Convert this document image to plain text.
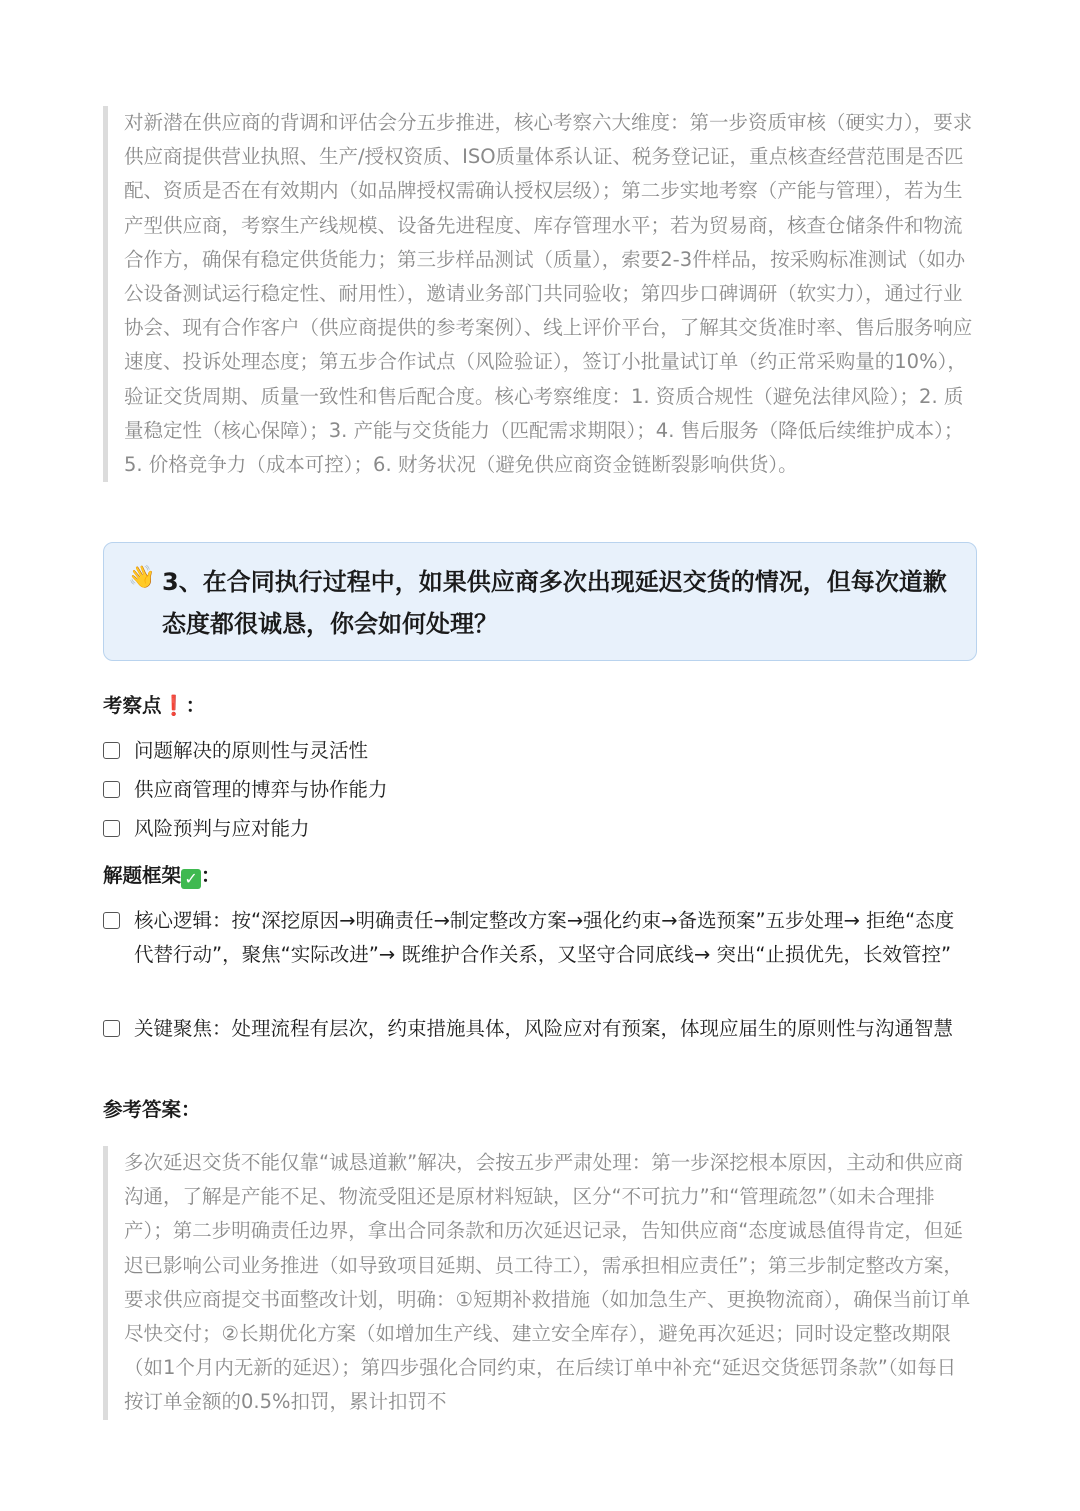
对新潜在供应商的背调和评估会分五步推进，核心考察六大维度：第一步资质审核（硬实力），要求供应商提供营业执照、生产/授权资质、ISO质量体系认证、税务登记证，重点核查经营范围是否匹配、资质是否在有效期内（如品牌授权需确认授权层级）；第二步实地考察（产能与管理），若为生产型供应商，考察生产线规模、设备先进程度、库存管理水平；若为贸易商，核查仓储条件和物流合作方，确保有稳定供货能力；第三步样品测试（质量），索要2-3件样品，按采购标准测试（如办公设备测试运行稳定性、耐用性），邀请业务部门共同验收；第四步口碑调研（软实力），通过行业协会、现有合作客户（供应商提供的参考案例）、线上评价平台，了解其交货准时率、售后服务响应速度、投诉处理态度；第五步合作试点（风险验证），签订小批量试订单（约正常采购量的10%），验证交货周期、质量一致性和售后配合度。核心考察维度：1. 资质合规性（避免法律风险）；2. 质量稳定性（核心保障）；3. 产能与交货能力（匹配需求期限）；4. 售后服务（降低后续维护成本）；5. 价格竞争力（成本可控）；6. 财务状况（避免供应商资金链断裂影响供货）。

👋 3、在合同执行过程中，如果供应商多次出现延迟交货的情况，但每次道歉态度都很诚恳，你会如何处理？
考察点❗：
问题解决的原则性与灵活性
供应商管理的博弈与协作能力
风险预判与应对能力
解题框架 ✓ ：
核心逻辑：按“深挖原因→明确责任→制定整改方案→强化约束→备选预案”五步处理→ 拒绝“态度代替行动”，聚焦“实际改进”→ 既维护合作关系，又坚守合同底线→ 突出“止损优先，长效管控”
关键聚焦：处理流程有层次，约束措施具体，风险应对有预案，体现应届生的原则性与沟通智慧
参考答案：

多次延迟交货不能仅靠“诚恳道歉”解决，会按五步严肃处理：第一步深挖根本原因，主动和供应商沟通，了解是产能不足、物流受阻还是原材料短缺，区分“不可抗力”和“管理疏忽”（如未合理排产）；第二步明确责任边界，拿出合同条款和历次延迟记录，告知供应商“态度诚恳值得肯定，但延迟已影响公司业务推进（如导致项目延期、员工待工），需承担相应责任”；第三步制定整改方案，要求供应商提交书面整改计划，明确：①短期补救措施（如加急生产、更换物流商），确保当前订单尽快交付；②长期优化方案（如增加生产线、建立安全库存），避免再次延迟；同时设定整改期限（如1个月内无新的延迟）；第四步强化合同约束，在后续订单中补充“延迟交货惩罚条款”（如每日按订单金额的0.5%扣罚，累计扣罚不
